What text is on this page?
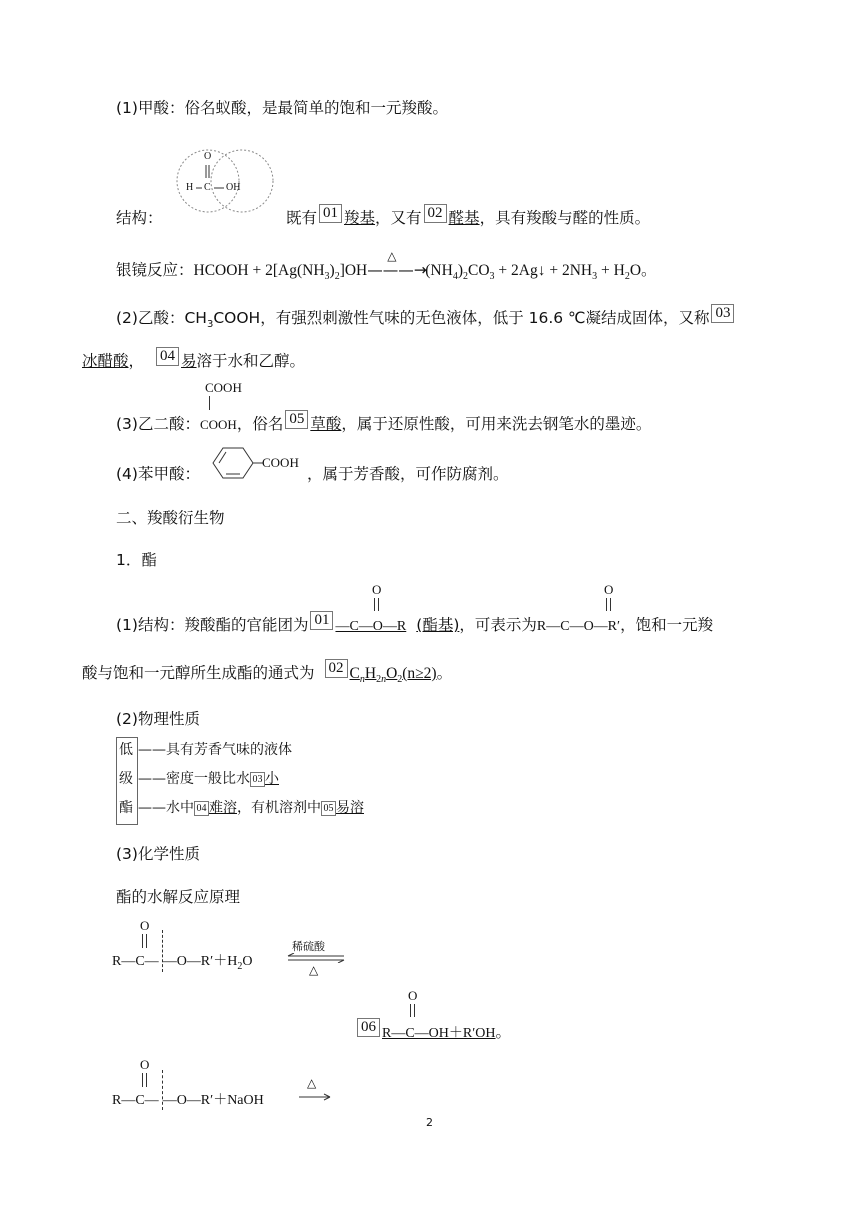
(1)甲酸：俗名蚁酸，是最简单的饱和一元羧酸。
结构：
O
H C OH
既有 01 羧基，又有 02 醛基，具有羧酸与醛的性质。
银镜反应：HCOOH + $2[Ag(NH_3)_2]OH$
△
$———\to(NH_4)_2CO_3$ + 2Ag↓ + $2NH_3 + H_2O$。
(2)乙酸：$CH_3COOH$，有强烈刺激性气味的无色液体，低于 16.6 ℃凝结成固体，又称 03
冰醋酸， 04 易溶于水和乙醇。
COOH
(3)乙二酸：COOH，俗名 05 草酸，属于还原性酸，可用来洗去钢笔水的墨迹。
(4)苯甲酸：
COOH
，属于芳香酸，可作防腐剂。
二、羧酸衍生物
1．酯
O	O
(1)结构：羧酸酯的官能团为 01 —C—O—R (酯基)，可表示为R—C—O—R′，饱和一元羧
酸与饱和一元醇所生成酯的通式为 02 $C_nH_{2n}O_2(n\ge 2)$。
(2)物理性质
低
级
酯
——具有芳香气味的液体
——密度一般比水 03 小
——水中 04 难溶，有机溶剂中 05 易溶
(3)化学性质
酯的水解反应原理
O
R—C— $—O—R'+H_2O$
稀硫酸
△
O
06 R—C—OH＋R′OH。
O
R—C— —O—R′＋NaOH
△
2
